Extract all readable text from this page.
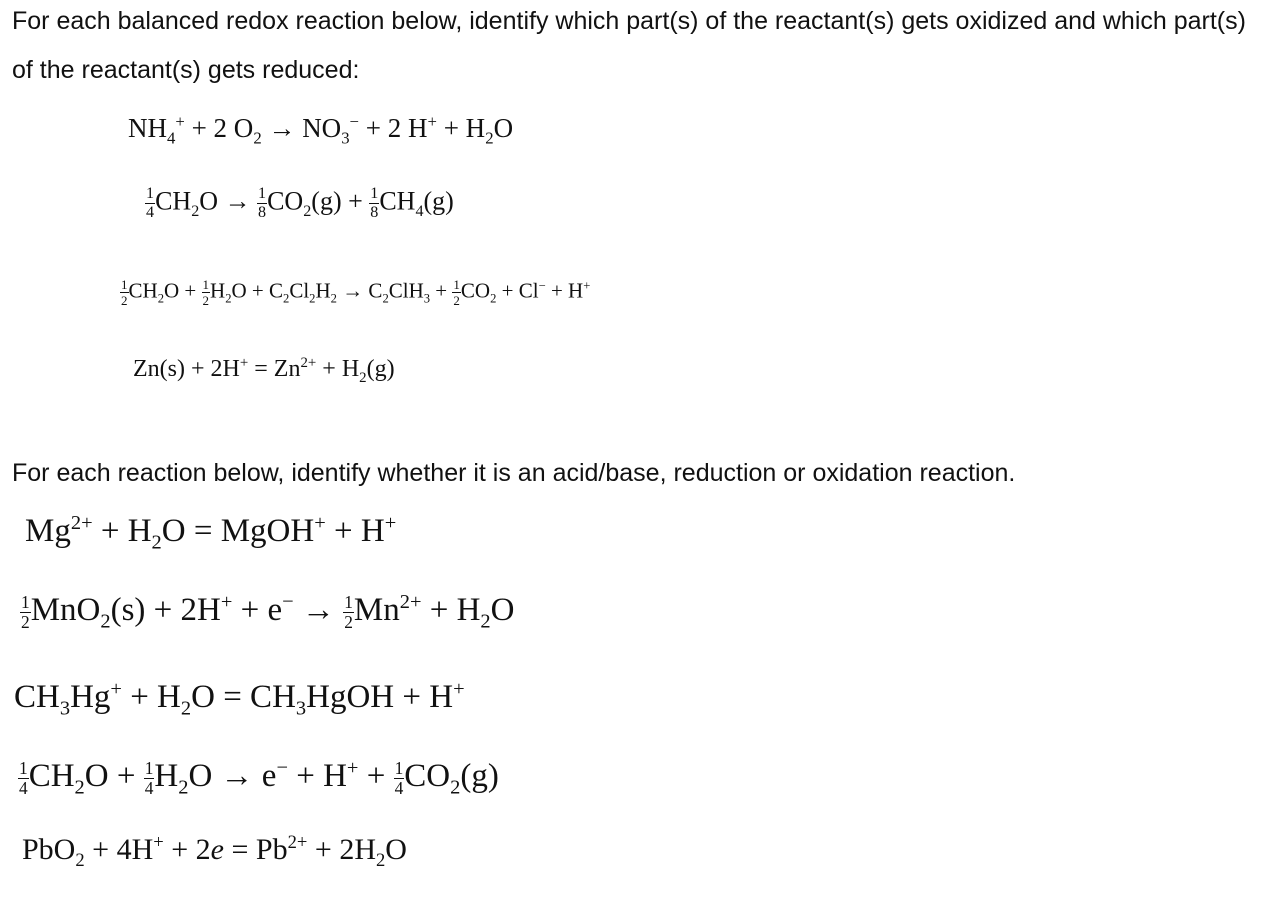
For each balanced redox reaction below, identify which part(s) of the reactant(s) gets oxidized and which part(s) of the reactant(s) gets reduced:

$NH_4^+ + 2$ $O_2 \to NO_3^- + 2$ $H^+ + H_2O$
$\frac{1}{4} CH_2O \to \frac{1}{8} CO_2(g) + \frac{1}{8} CH_4(g)$
$\frac{1}{2} CH_2O + \frac{1}{2} H_2O + C_2Cl_2H_2 \to C_2ClH_3 + \frac{1}{2} CO_2 + Cl^- + H^+$
$Zn(s) + 2H^+ = Zn^{2+} + H_2(g)$

For each reaction below, identify whether it is an acid/base, reduction or oxidation reaction.

$Mg^{2+} + H_2O$ = MgOH+ + H+
$\frac{1}{2} MnO_2(s) + 2H^+ + e^- \to \frac{1}{2} Mn^{2+} + H_2O$
$CH_3Hg^+ + H_2O$ = $CH_3HgOH + H^+$
$\frac{1}{4} CH_2O + \frac{1}{4} H_2O \to e^- + H^+ + \frac{1}{4} CO_2(g)$
$PbO_2 + 4H^+ + 2e = Pb^{2+} + 2H_2O$
